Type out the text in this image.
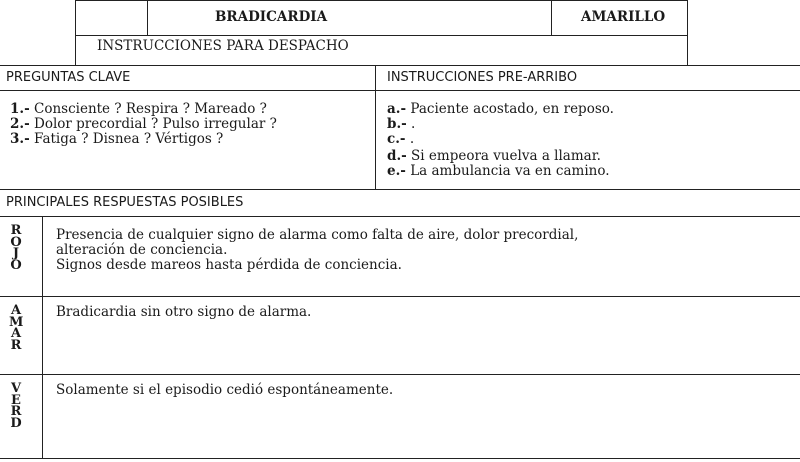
BRADICARDIA	AMARILLO
INSTRUCCIONES PARA DESPACHO
PREGUNTAS CLAVE	INSTRUCCIONES PRE-ARRIBO
1.- Consciente ? Respira ? Mareado ?
2.- Dolor precordial ? Pulso irregular ?
3.- Fatiga ? Disnea ? Vértigos ?
a.- Paciente acostado, en reposo.
b.- .
c.- .
d.- Si empeora vuelva a llamar.
e.- La ambulancia va en camino.
PRINCIPALES RESPUESTAS POSIBLES
R
O
J
O
Presencia de cualquier signo de alarma como falta de aire, dolor precordial,
alteración de conciencia.
Signos desde mareos hasta pérdida de conciencia.
A
M
A
R
Bradicardia sin otro signo de alarma.
V
E
R
D
Solamente si el episodio cedió espontáneamente.
